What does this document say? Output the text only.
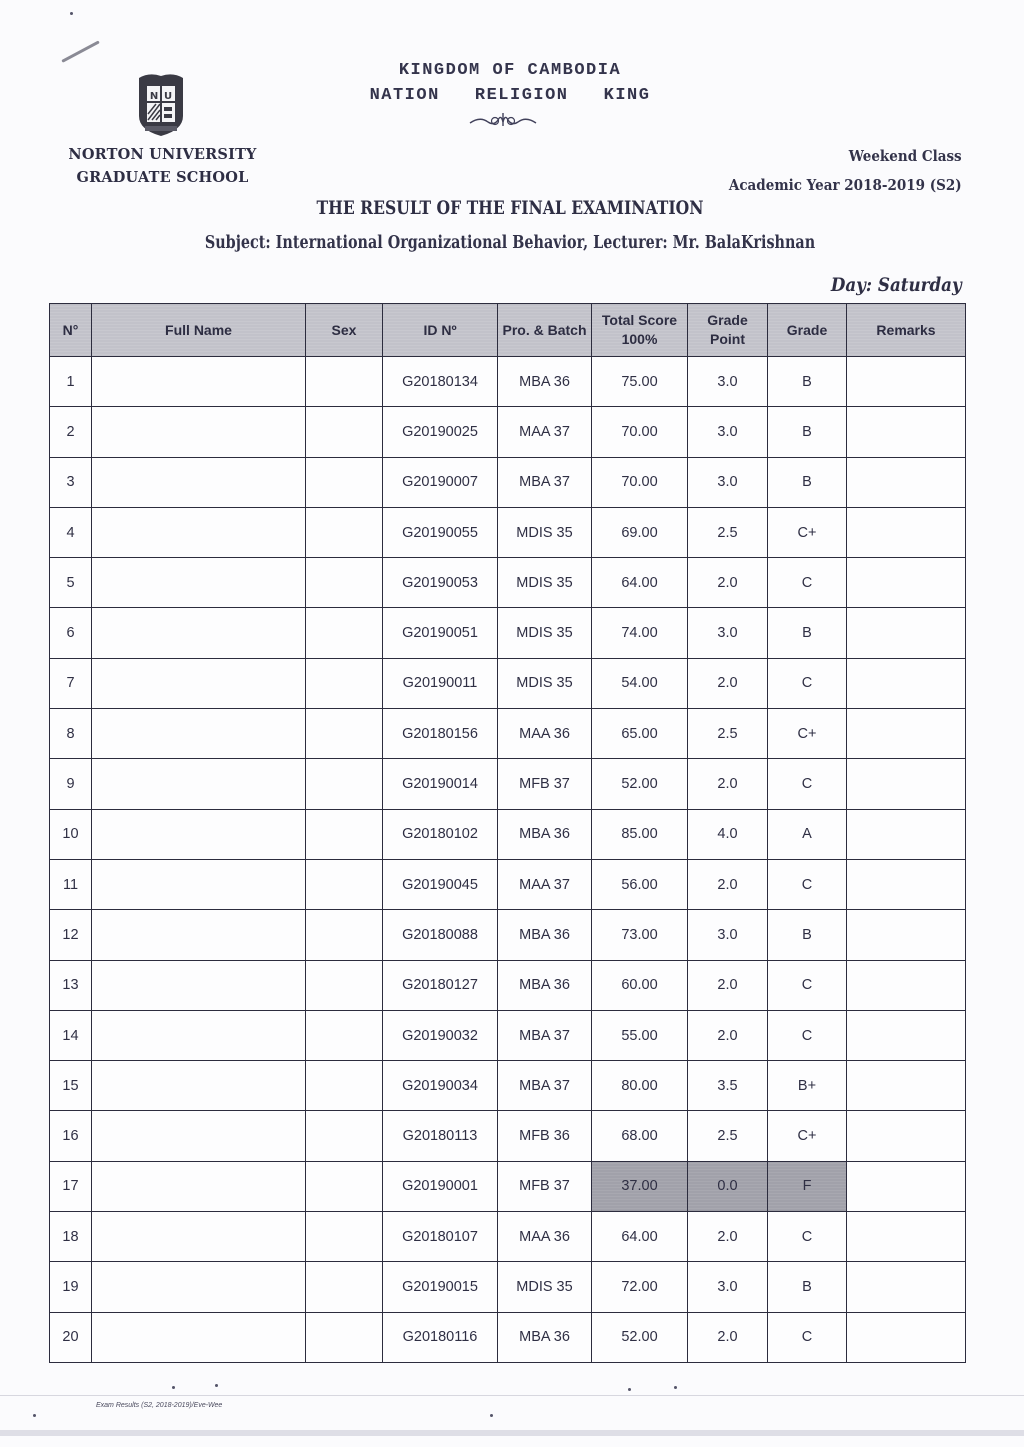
N U
NORTON UNIVERSITY
GRADUATE SCHOOL
KINGDOM OF CAMBODIA
NATION   RELIGION   KING
Weekend Class
Academic Year 2018-2019 (S2)
THE RESULT OF THE FINAL EXAMINATION
Subject: International Organizational Behavior, Lecturer: Mr. BalaKrishnan
Day: Saturday
N°	Full Name	Sex	ID Nº	Pro. & Batch	Total Score 100%	Grade Point	Grade	Remarks
1			G20180134	MBA 36	75.00	3.0	B	
2			G20190025	MAA 37	70.00	3.0	B	
3			G20190007	MBA 37	70.00	3.0	B	
4			G20190055	MDIS 35	69.00	2.5	C+	
5			G20190053	MDIS 35	64.00	2.0	C	
6			G20190051	MDIS 35	74.00	3.0	B	
7			G20190011	MDIS 35	54.00	2.0	C	
8			G20180156	MAA 36	65.00	2.5	C+	
9			G20190014	MFB 37	52.00	2.0	C	
10			G20180102	MBA 36	85.00	4.0	A	
11			G20190045	MAA 37	56.00	2.0	C	
12			G20180088	MBA 36	73.00	3.0	B	
13			G20180127	MBA 36	60.00	2.0	C	
14			G20190032	MBA 37	55.00	2.0	C	
15			G20190034	MBA 37	80.00	3.5	B+	
16			G20180113	MFB 36	68.00	2.5	C+	
17			G20190001	MFB 37	37.00	0.0	F	
18			G20180107	MAA 36	64.00	2.0	C	
19			G20190015	MDIS 35	72.00	3.0	B	
20			G20180116	MBA 36	52.00	2.0	C	
Exam Results (S2, 2018-2019)/Eve-Wee
